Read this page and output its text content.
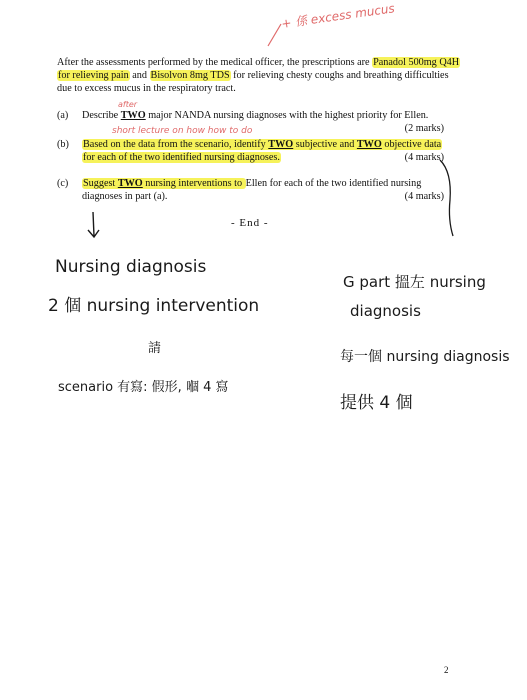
After the assessments performed by the medical officer, the prescriptions are Panadol 500mg Q4H for relieving pain and Bisolvon 8mg TDS for relieving chesty coughs and breathing difficulties due to excess mucus in the respiratory tract.
(a) Describe TWO major NANDA nursing diagnoses with the highest priority for Ellen.
(2 marks)
(b) Based on the data from the scenario, identify TWO subjective and TWO objective data for each of the two identified nursing diagnoses.	(4 marks)
(c) Suggest TWO nursing interventions to Ellen for each of the two identified nursing diagnoses in part (a).	(4 marks)
- End -
2
+ 係 excess mucus
after
short lecture on how how to do
Nursing diagnosis
2 個 nursing intervention
請
scenario 有寫: 假形, 嗰 4 寫
G part 搵左 nursing
diagnosis
每一個 nursing diagnosis
提供 4 個
